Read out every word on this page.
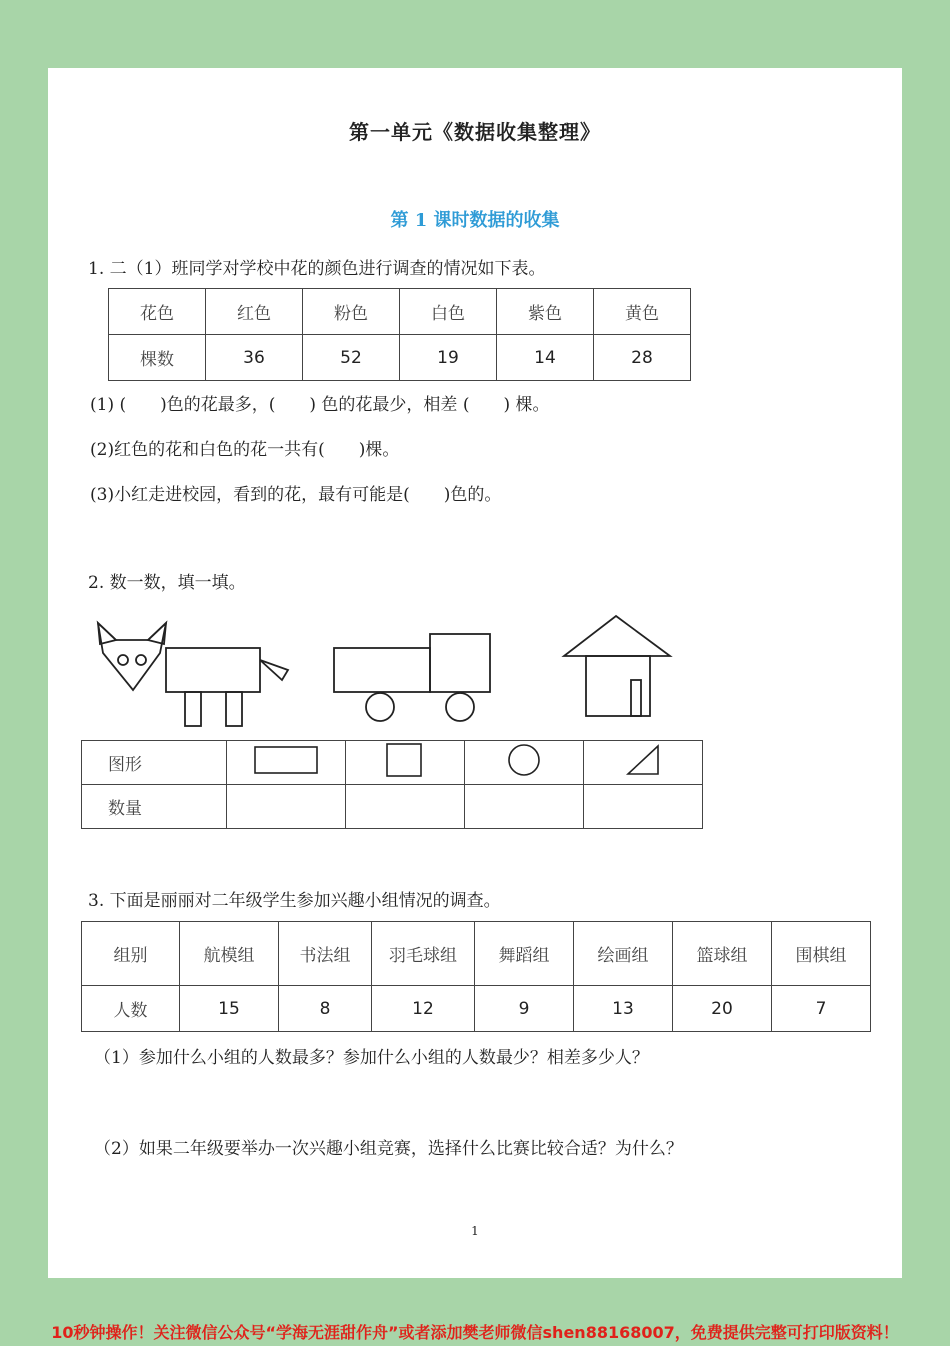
第一单元《数据收集整理》
第 1 课时数据的收集
1. 二（1）班同学对学校中花的颜色进行调查的情况如下表。
花色	红色	粉色	白色	紫色	黄色
棵数	36	52	19	14	28
(1) (　　)色的花最多，(　　) 色的花最少，相差 (　　) 棵。
(2)红色的花和白色的花一共有(　　)棵。
(3)小红走进校园，看到的花，最有可能是(　　)色的。
2. 数一数，填一填。
图形				
数量				
3. 下面是丽丽对二年级学生参加兴趣小组情况的调查。
组别	航模组	书法组	羽毛球组	舞蹈组	绘画组	篮球组	围棋组
人数	15	8	12	9	13	20	7
（1）参加什么小组的人数最多？参加什么小组的人数最少？相差多少人？
（2）如果二年级要举办一次兴趣小组竞赛，选择什么比赛比较合适？为什么？
1
10秒钟操作！关注微信公众号“学海无涯甜作舟”或者添加樊老师微信shen88168007，免费提供完整可打印版资料！
